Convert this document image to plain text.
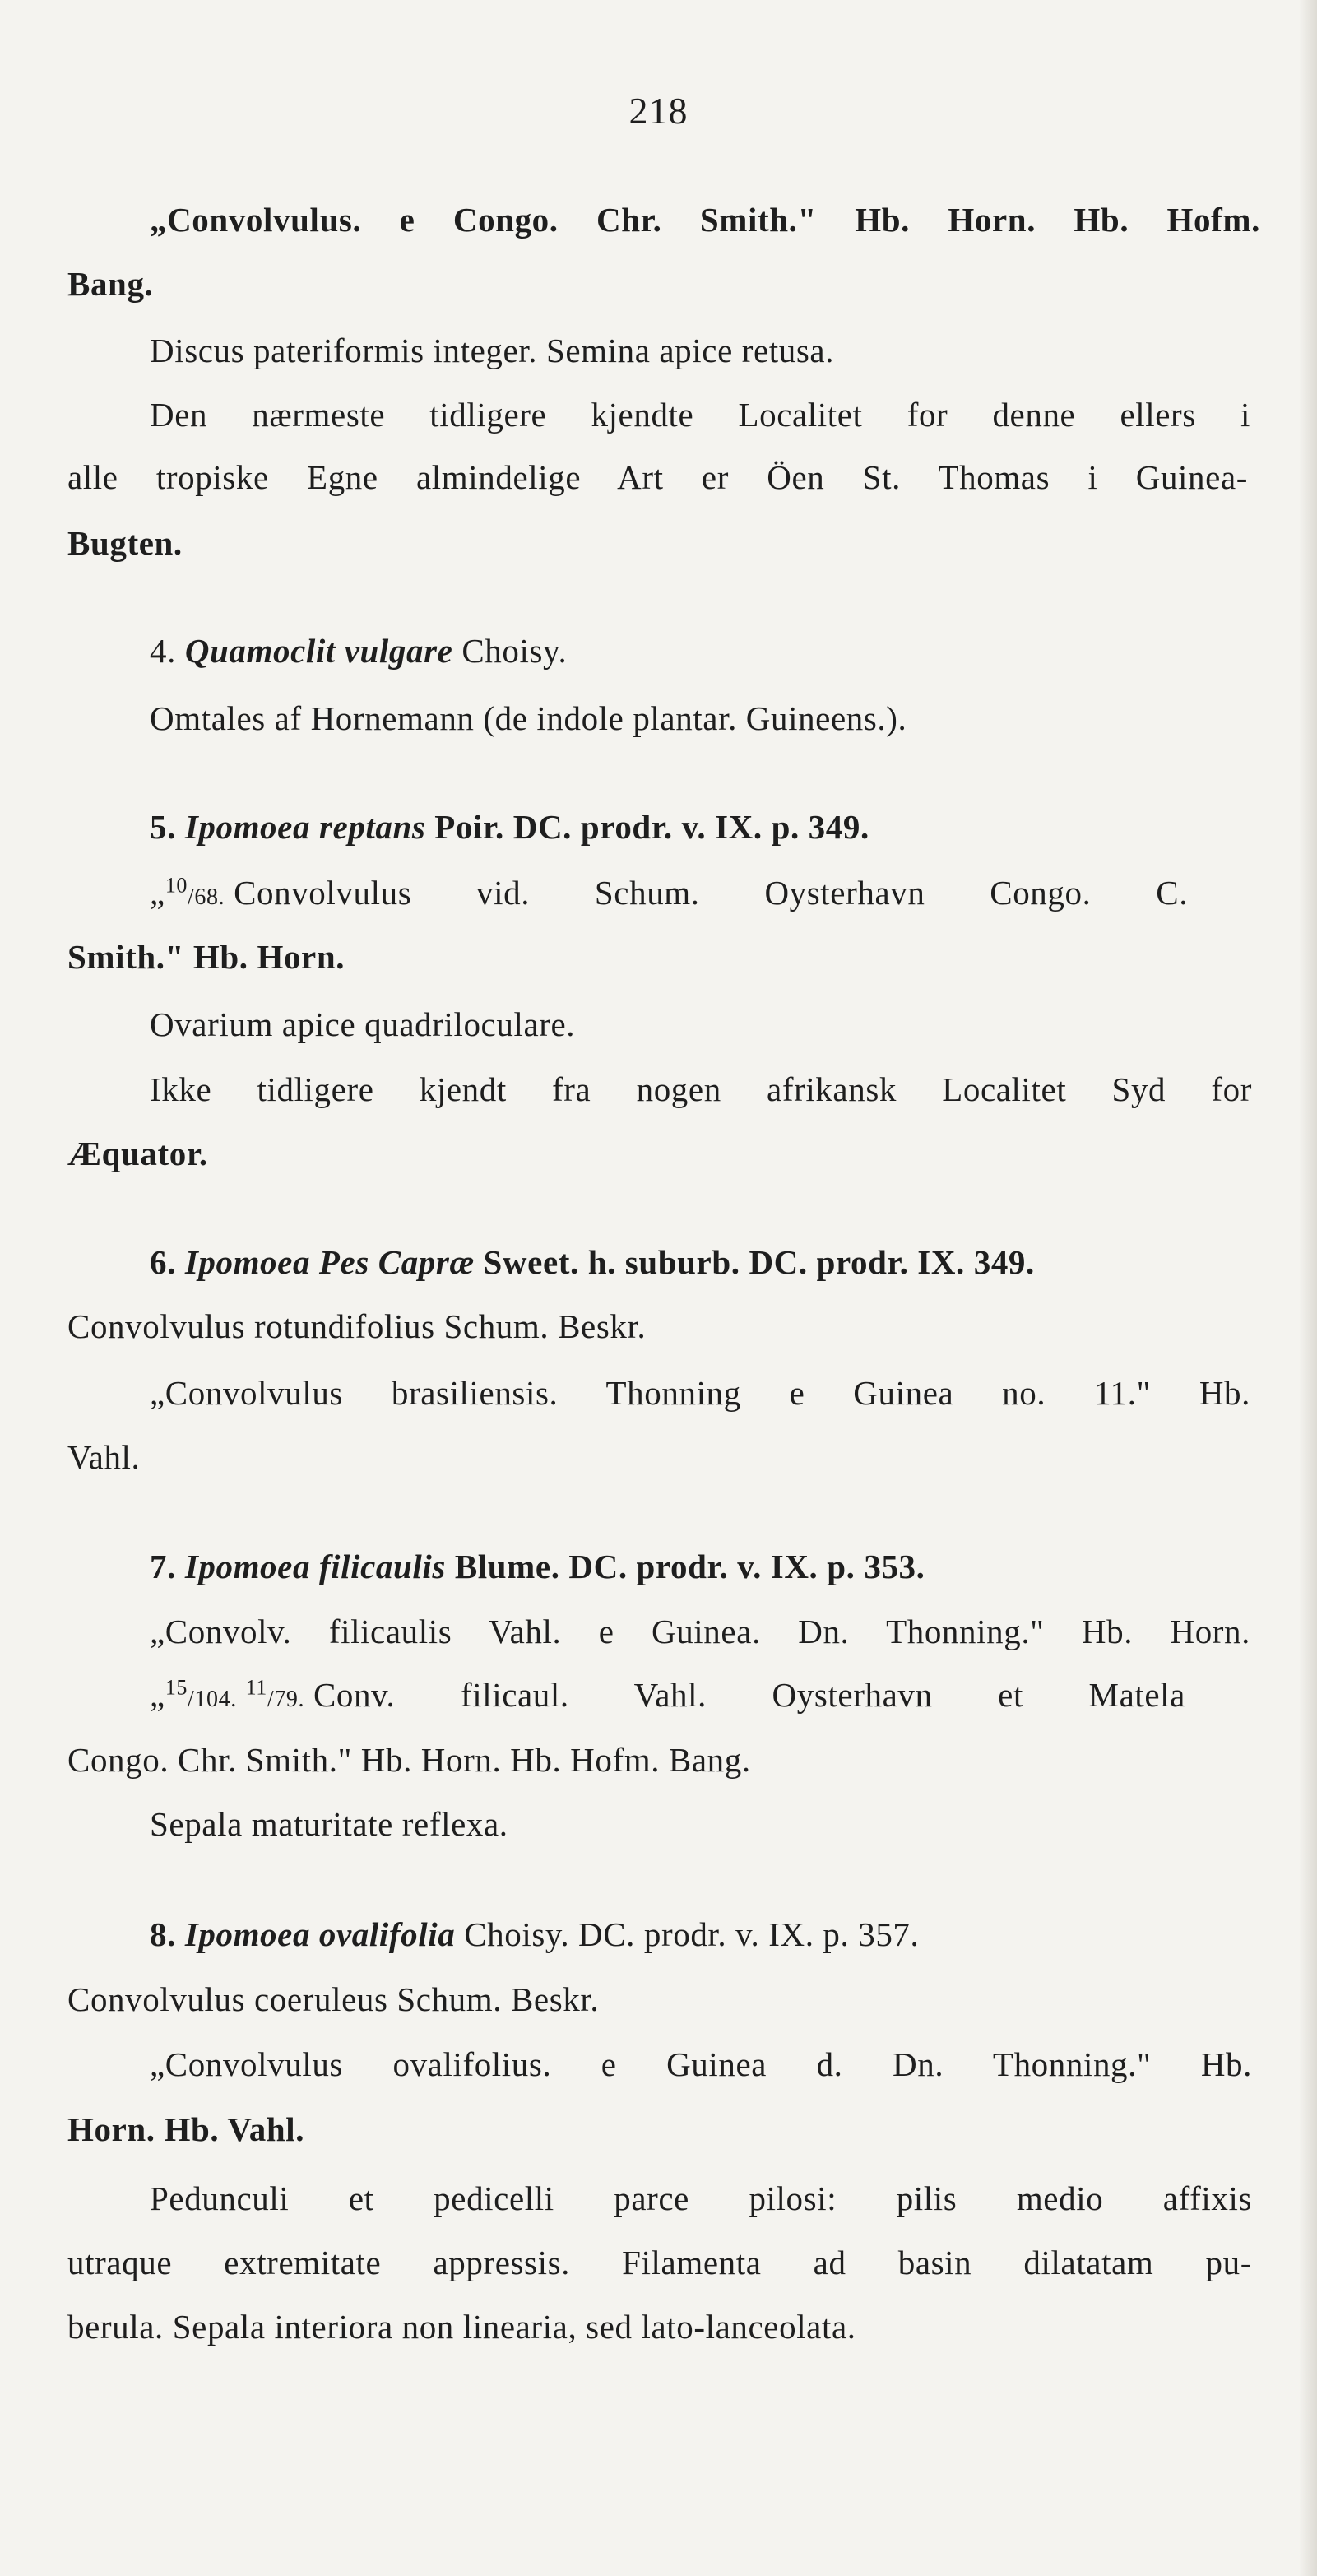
218
„Convolvulus. e Congo. Chr. Smith." Hb. Horn. Hb. Hofm.
Bang.
Discus pateriformis integer. Semina apice retusa.
Den nærmeste tidligere kjendte Localitet for denne ellers i
alle tropiske Egne almindelige Art er Öen St. Thomas i Guinea-
Bugten.
4. Quamoclit vulgare Choisy.
Omtales af Hornemann (de indole plantar. Guineens.).
5. Ipomoea reptans Poir. DC. prodr. v. IX. p. 349.
„$^{10}$/68. Convolvulus vid. Schum. Oysterhavn Congo. C.
Smith." Hb. Horn.
Ovarium apice quadriloculare.
Ikke tidligere kjendt fra nogen afrikansk Localitet Syd for
Æquator.
6. Ipomoea Pes Capræ Sweet. h. suburb. DC. prodr. IX. 349.
Convolvulus rotundifolius Schum. Beskr.
„Convolvulus brasiliensis. Thonning e Guinea no. 11." Hb.
Vahl.
7. Ipomoea filicaulis Blume. DC. prodr. v. IX. p. 353.
„Convolv. filicaulis Vahl. e Guinea. Dn. Thonning." Hb. Horn.
„$^{15}$/104. $^{11}$/79. Conv. filicaul. Vahl. Oysterhavn et Matela
Congo. Chr. Smith." Hb. Horn. Hb. Hofm. Bang.
Sepala maturitate reflexa.
8. Ipomoea ovalifolia Choisy. DC. prodr. v. IX. p. 357.
Convolvulus coeruleus Schum. Beskr.
„Convolvulus ovalifolius. e Guinea d. Dn. Thonning." Hb.
Horn. Hb. Vahl.
Pedunculi et pedicelli parce pilosi: pilis medio affixis
utraque extremitate appressis. Filamenta ad basin dilatatam pu-
berula. Sepala interiora non linearia, sed lato-lanceolata.
